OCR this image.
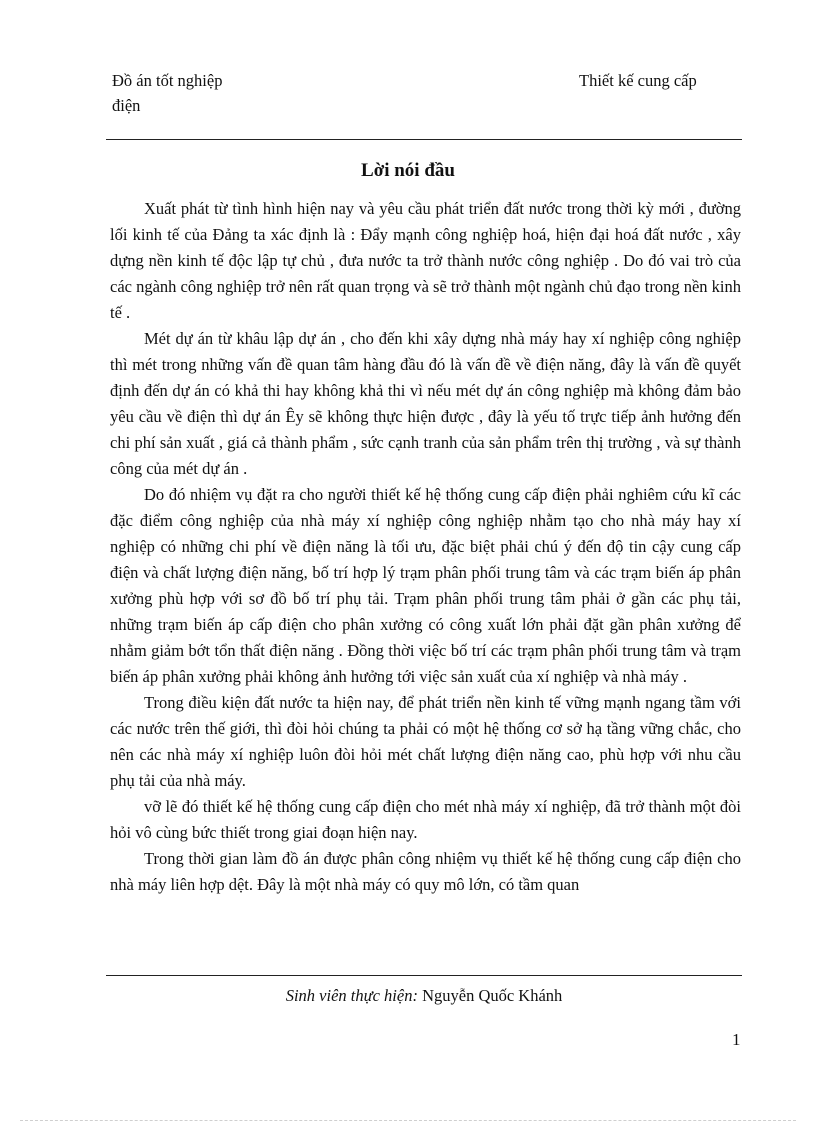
Đồ án tốt nghiệp
điện
Thiết kế cung cấp
Lời nói đầu

Xuất phát từ tình hình hiện nay và yêu cầu phát triển đất nước trong thời kỳ mới , đường lối kinh tế của Đảng ta xác định là : Đẩy mạnh công nghiệp hoá, hiện đại hoá đất nước , xây dựng nền kinh tế độc lập tự chủ , đưa nước ta trở thành nước công nghiệp . Do đó vai trò của các ngành công nghiệp trở nên rất quan trọng và sẽ trở thành một ngành chủ đạo trong nền kinh tế .

Mét dự án từ khâu lập dự án , cho đến khi xây dựng nhà máy hay xí nghiệp công nghiệp thì mét trong những vấn đề quan tâm hàng đầu đó là vấn đề về điện năng, đây là vấn đề quyết định đến dự án có khả thi hay không khả thi vì nếu mét dự án công nghiệp mà không đảm bảo yêu cầu về điện thì dự án Êy sẽ không thực hiện được , đây là yếu tố trực tiếp ảnh hưởng đến chi phí sản xuất , giá cả thành phẩm , sức cạnh tranh của sản phẩm trên thị trường , và sự thành công của mét dự án .

Do đó nhiệm vụ đặt ra cho người thiết kế hệ thống cung cấp điện phải nghiêm cứu kĩ các đặc điểm công nghiệp của nhà máy xí nghiệp công nghiệp nhằm tạo cho nhà máy hay xí nghiệp có những chi phí về điện năng là tối ưu, đặc biệt phải chú ý đến độ tin cậy cung cấp điện và chất lượng điện năng, bố trí hợp lý trạm phân phối trung tâm và các trạm biến áp phân xưởng phù hợp với sơ đồ bố trí phụ tải. Trạm phân phối trung tâm phải ở gần các phụ tải, những trạm biến áp cấp điện cho phân xưởng có công xuất lớn phải đặt gần phân xưởng để nhằm giảm bớt tổn thất điện năng . Đồng thời việc bố trí các trạm phân phối trung tâm và trạm biến áp phân xưởng phải không ảnh hưởng tới việc sản xuất của xí nghiệp và nhà máy .

Trong điều kiện đất nước ta hiện nay, để phát triển nền kinh tế vững mạnh ngang tầm với các nước trên thế giới, thì đòi hỏi chúng ta phải có một hệ thống cơ sở hạ tầng vững chắc, cho nên các nhà máy xí nghiệp luôn đòi hỏi mét chất lượng điện năng cao, phù hợp với nhu cầu phụ tải của nhà máy.

vỡ lẽ đó thiết kế hệ thống cung cấp điện cho mét nhà máy xí nghiệp, đã trở thành một đòi hỏi vô cùng bức thiết trong giai đoạn hiện nay.

Trong thời gian làm đồ án được phân công nhiệm vụ thiết kế hệ thống cung cấp điện cho nhà máy liên hợp dệt. Đây là một nhà máy có quy mô lớn, có tầm quan

Sinh viên thực hiện: Nguyễn Quốc Khánh
1
